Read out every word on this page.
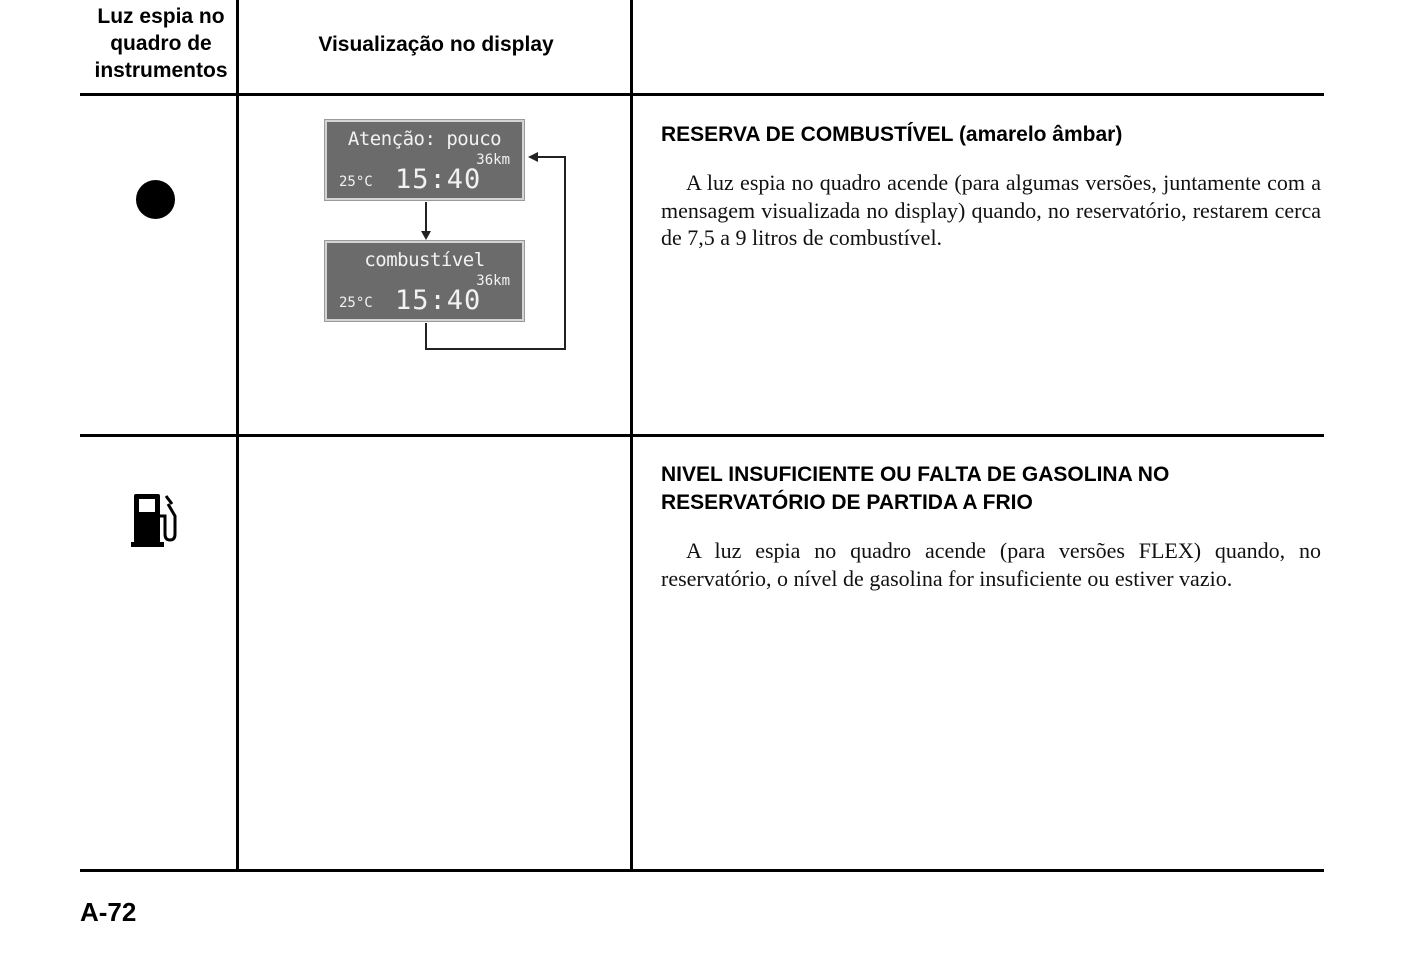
Luz espia no quadro de instrumentos
Visualização no display
Atenção: pouco
36km
25°C 15:40
combustível
36km
25°C 15:40
RESERVA DE COMBUSTÍVEL (amarelo âmbar)
A luz espia no quadro acende (para algumas versões, juntamente com a mensagem visualizada no display) quando, no reservatório, restarem cerca de 7,5 a 9 litros de combustível.
NIVEL INSUFICIENTE OU FALTA DE GASOLINA NO RESERVATÓRIO DE PARTIDA A FRIO
A luz espia no quadro acende (para versões FLEX) quando, no reservatório, o nível de gasolina for insuficiente ou estiver vazio.
A-72
